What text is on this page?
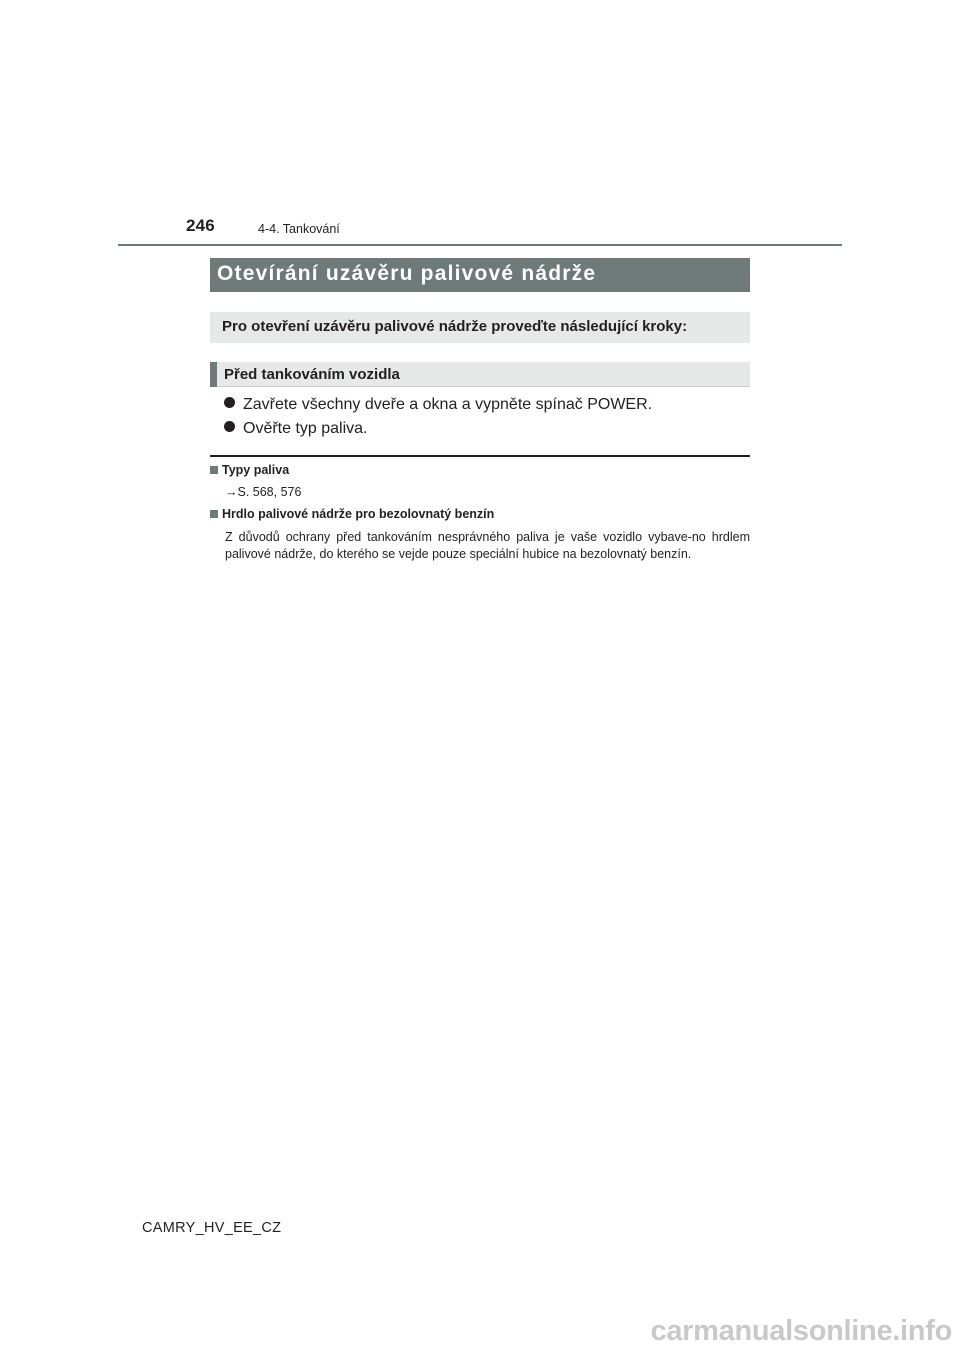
246	4-4. Tankování
Otevírání uzávěru palivové nádrže
Pro otevření uzávěru palivové nádrže proveďte následující kroky:
Před tankováním vozidla
Zavřete všechny dveře a okna a vypněte spínač POWER.
Ověřte typ paliva.
Typy paliva
→S. 568, 576
Hrdlo palivové nádrže pro bezolovnatý benzín
Z důvodů ochrany před tankováním nesprávného paliva je vaše vozidlo vybave-no hrdlem palivové nádrže, do kterého se vejde pouze speciální hubice na bezolovnatý benzín.
CAMRY_HV_EE_CZ
carmanualsonline.info
